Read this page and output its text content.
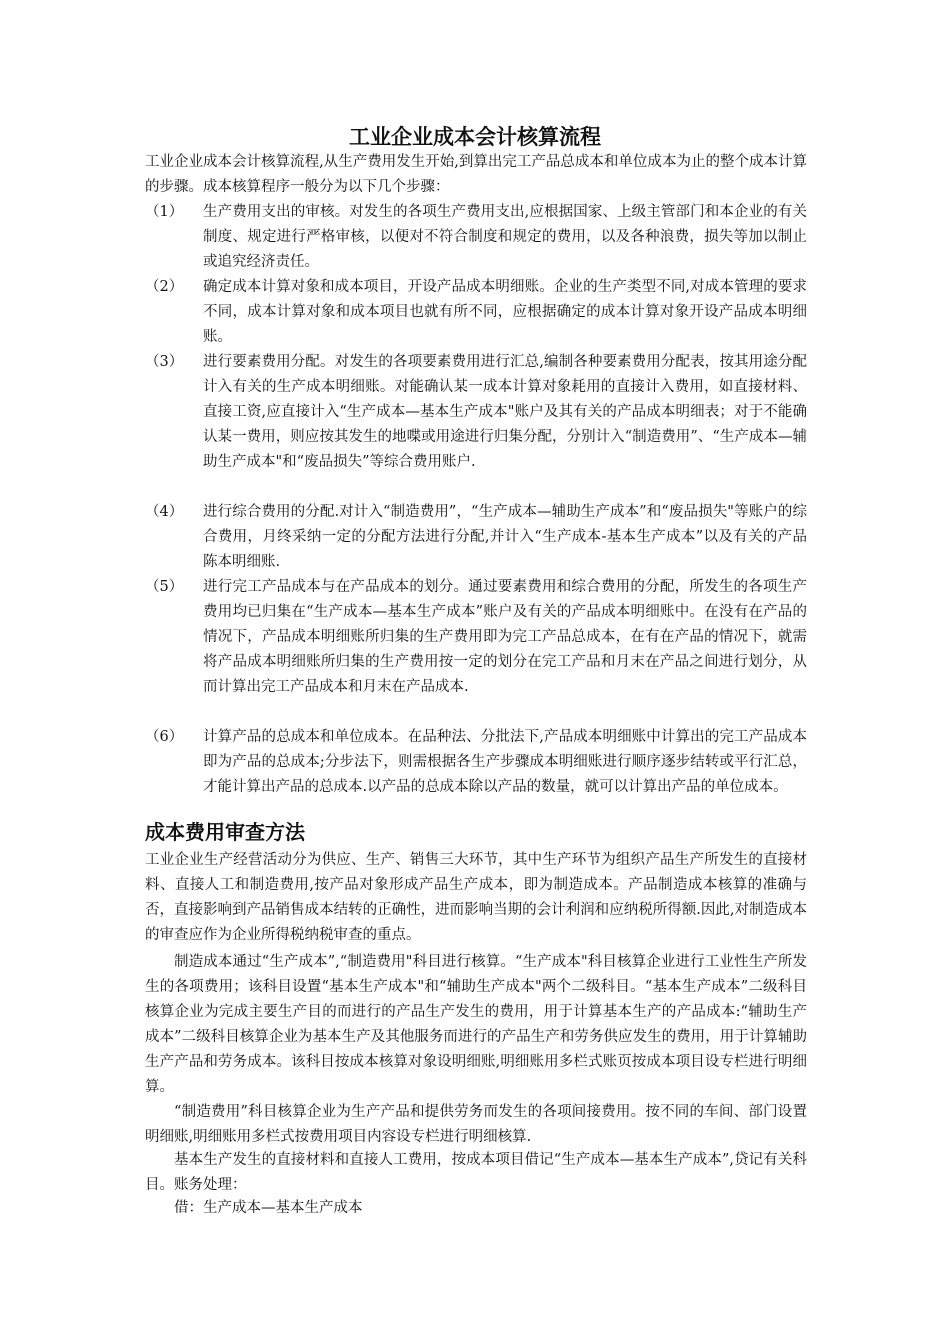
工业企业成本会计核算流程

工业企业成本会计核算流程,从生产费用发生开始,到算出完工产品总成本和单位成本为止的整个成本计算的步骤。成本核算程序一般分为以下几个步骤：

（1）	生产费用支出的审核。对发生的各项生产费用支出,应根据国家、上级主管部门和本企业的有关制度、规定进行严格审核，以便对不符合制度和规定的费用，以及各种浪费，损失等加以制止或追究经济责任。

（2）	确定成本计算对象和成本项目，开设产品成本明细账。企业的生产类型不同,对成本管理的要求不同，成本计算对象和成本项目也就有所不同，应根据确定的成本计算对象开设产品成本明细账。

（3）	进行要素费用分配。对发生的各项要素费用进行汇总,编制各种要素费用分配表，按其用途分配计入有关的生产成本明细账。对能确认某一成本计算对象耗用的直接计入费用，如直接材料、直接工资,应直接计入“生产成本—基本生产成本"账户及其有关的产品成本明细表；对于不能确认某一费用，则应按其发生的地喋或用途进行归集分配，分别计入“制造费用”、“生产成本—辅助生产成本"和“废品损失”等综合费用账户.

（4）	进行综合费用的分配.对计入“制造费用”，“生产成本—辅助生产成本”和“废品损失"等账户的综合费用，月终采纳一定的分配方法进行分配,并计入“生产成本-基本生产成本”以及有关的产品陈本明细账.

（5）	进行完工产品成本与在产品成本的划分。通过要素费用和综合费用的分配，所发生的各项生产费用均已归集在“生产成本—基本生产成本”账户及有关的产品成本明细账中。在没有在产品的情况下，产品成本明细账所归集的生产费用即为完工产品总成本，在有在产品的情况下，就需将产品成本明细账所归集的生产费用按一定的划分在完工产品和月末在产品之间进行划分，从而计算出完工产品成本和月末在产品成本.

（6）	计算产品的总成本和单位成本。在品种法、分批法下,产品成本明细账中计算出的完工产品成本即为产品的总成本;分步法下，则需根据各生产步骤成本明细账进行顺序逐步结转或平行汇总，才能计算出产品的总成本.以产品的总成本除以产品的数量，就可以计算出产品的单位成本。

成本费用审查方法

工业企业生产经营活动分为供应、生产、销售三大环节，其中生产环节为组织产品生产所发生的直接材料、直接人工和制造费用,按产品对象形成产品生产成本，即为制造成本。产品制造成本核算的准确与否，直接影响到产品销售成本结转的正确性，进而影响当期的会计利润和应纳税所得额.因此,对制造成本的审查应作为企业所得税纳税审查的重点。

制造成本通过“生产成本”,“制造费用"科目进行核算。“生产成本"科目核算企业进行工业性生产所发生的各项费用；该科目设置“基本生产成本"和“辅助生产成本"两个二级科目。“基本生产成本”二级科目核算企业为完成主要生产目的而进行的产品生产发生的费用，用于计算基本生产的产品成本:“辅助生产成本”二级科目核算企业为基本生产及其他服务而进行的产品生产和劳务供应发生的费用，用于计算辅助生产产品和劳务成本。该科目按成本核算对象设明细账,明细账用多栏式账页按成本项目设专栏进行明细算。

“制造费用”科目核算企业为生产产品和提供劳务而发生的各项间接费用。按不同的车间、部门设置明细账,明细账用多栏式按费用项目内容设专栏进行明细核算.

基本生产发生的直接材料和直接人工费用，按成本项目借记“生产成本—基本生产成本”,贷记有关科目。账务处理：

借：生产成本—基本生产成本
